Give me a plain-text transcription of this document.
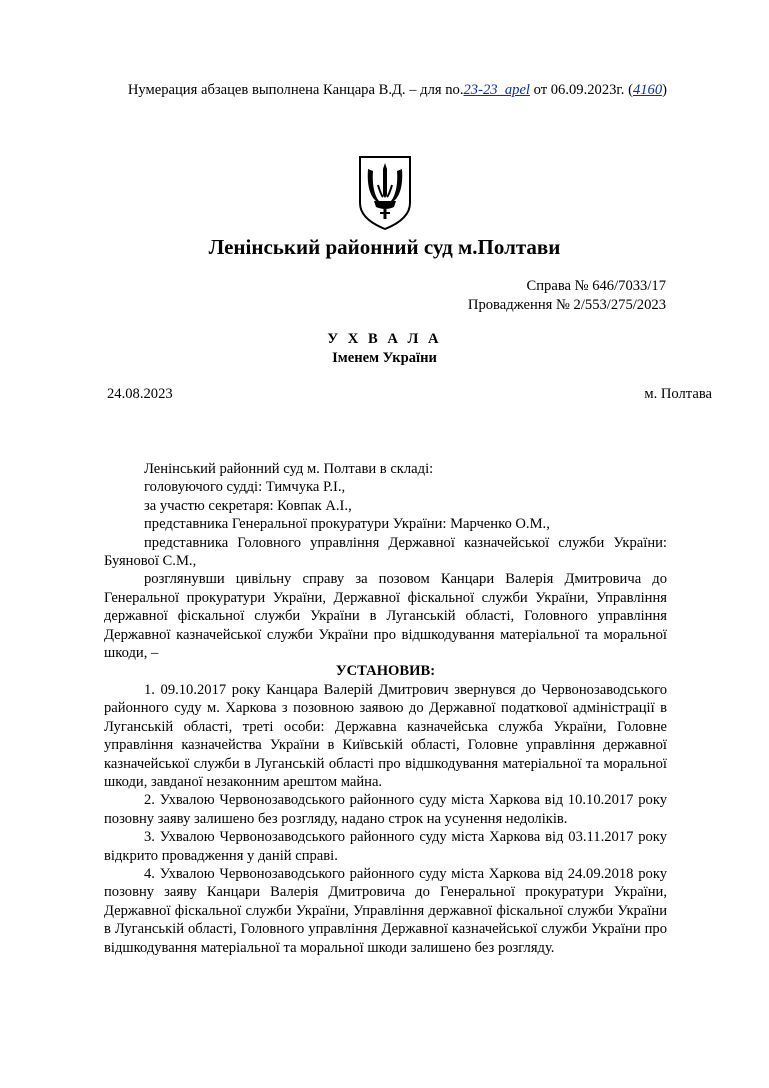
Нумерация абзацев выполнена Канцара В.Д. – для no.23-23_apel от 06.09.2023г. (4160)
Ленінський районний суд м.Полтави
Справа № 646/7033/17
Провадження № 2/553/275/2023
У Х В А Л А
Іменем України
24.08.2023	м. Полтава

Ленінський районний суд м. Полтави в складі:

головуючого судді: Тимчука Р.І.,

за участю секретаря: Ковпак А.І.,

представника Генеральної прокуратури України: Марченко О.М.,

представника Головного управління Державної казначейської служби України: Буянової С.М.,

розглянувши цивільну справу за позовом Канцари Валерія Дмитровича до Генеральної прокуратури України, Державної фіскальної служби України, Управління державної фіскальної служби України в Луганській області, Головного управління Державної казначейської служби України про відшкодування матеріальної та моральної шкоди, –

УСТАНОВИВ:

1. 09.10.2017 року Канцара Валерій Дмитрович звернувся до Червонозаводського районного суду м. Харкова з позовною заявою до Державної податкової адміністрації в Луганській області, треті особи: Державна казначейська служба України, Головне управління казначейства України в Київській області, Головне управління державної казначейської служби в Луганській області про відшкодування матеріальної та моральної шкоди, завданої незаконним арештом майна.

2. Ухвалою Червонозаводського районного суду міста Харкова від 10.10.2017 року позовну заяву залишено без розгляду, надано строк на усунення недоліків.

3. Ухвалою Червонозаводського районного суду міста Харкова від 03.11.2017 року відкрито провадження у даній справі.

4. Ухвалою Червонозаводського районного суду міста Харкова від 24.09.2018 року позовну заяву Канцари Валерія Дмитровича до Генеральної прокуратури України, Державної фіскальної служби України, Управління державної фіскальної служби України в Луганській області, Головного управління Державної казначейської служби України про відшкодування матеріальної та моральної шкоди залишено без розгляду.
